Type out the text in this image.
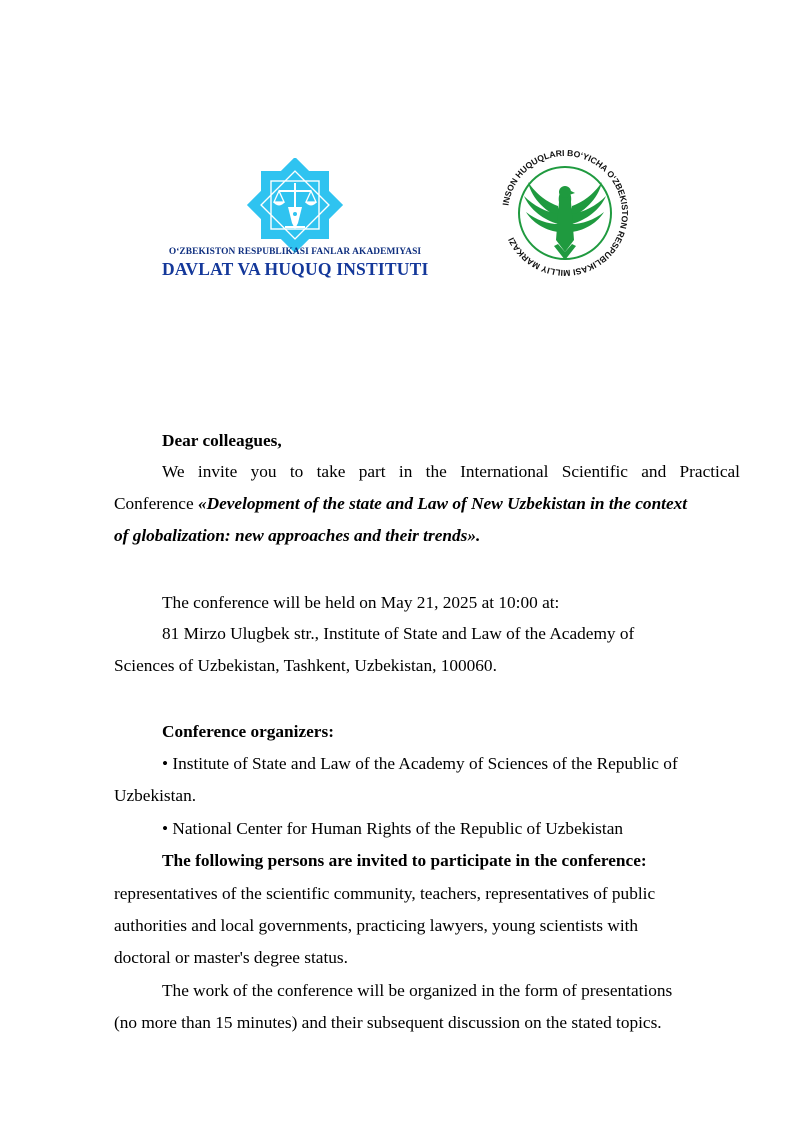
O‘ZBEKISTON RESPUBLIKASI FANLAR AKADEMIYASI
DAVLAT VA HUQUQ INSTITUTI
INSON HUQUQLARI BO‘YICHA O‘ZBEKISTON RESPUBLIKASI MILLIY MARKAZI
Dear colleagues,
We invite you to take part in the International Scientific and Practical
Conference «Development of the state and Law of New Uzbekistan in the context
of globalization: new approaches and their trends».
The conference will be held on May 21, 2025 at 10:00 at:
81 Mirzo Ulugbek str., Institute of State and Law of the Academy of
Sciences of Uzbekistan, Tashkent, Uzbekistan, 100060.
Conference organizers:
• Institute of State and Law of the Academy of Sciences of the Republic of
Uzbekistan.
• National Center for Human Rights of the Republic of Uzbekistan
The following persons are invited to participate in the conference:
representatives of the scientific community, teachers, representatives of public
authorities and local governments, practicing lawyers, young scientists with
doctoral or master's degree status.
The work of the conference will be organized in the form of presentations
(no more than 15 minutes) and their subsequent discussion on the stated topics.
